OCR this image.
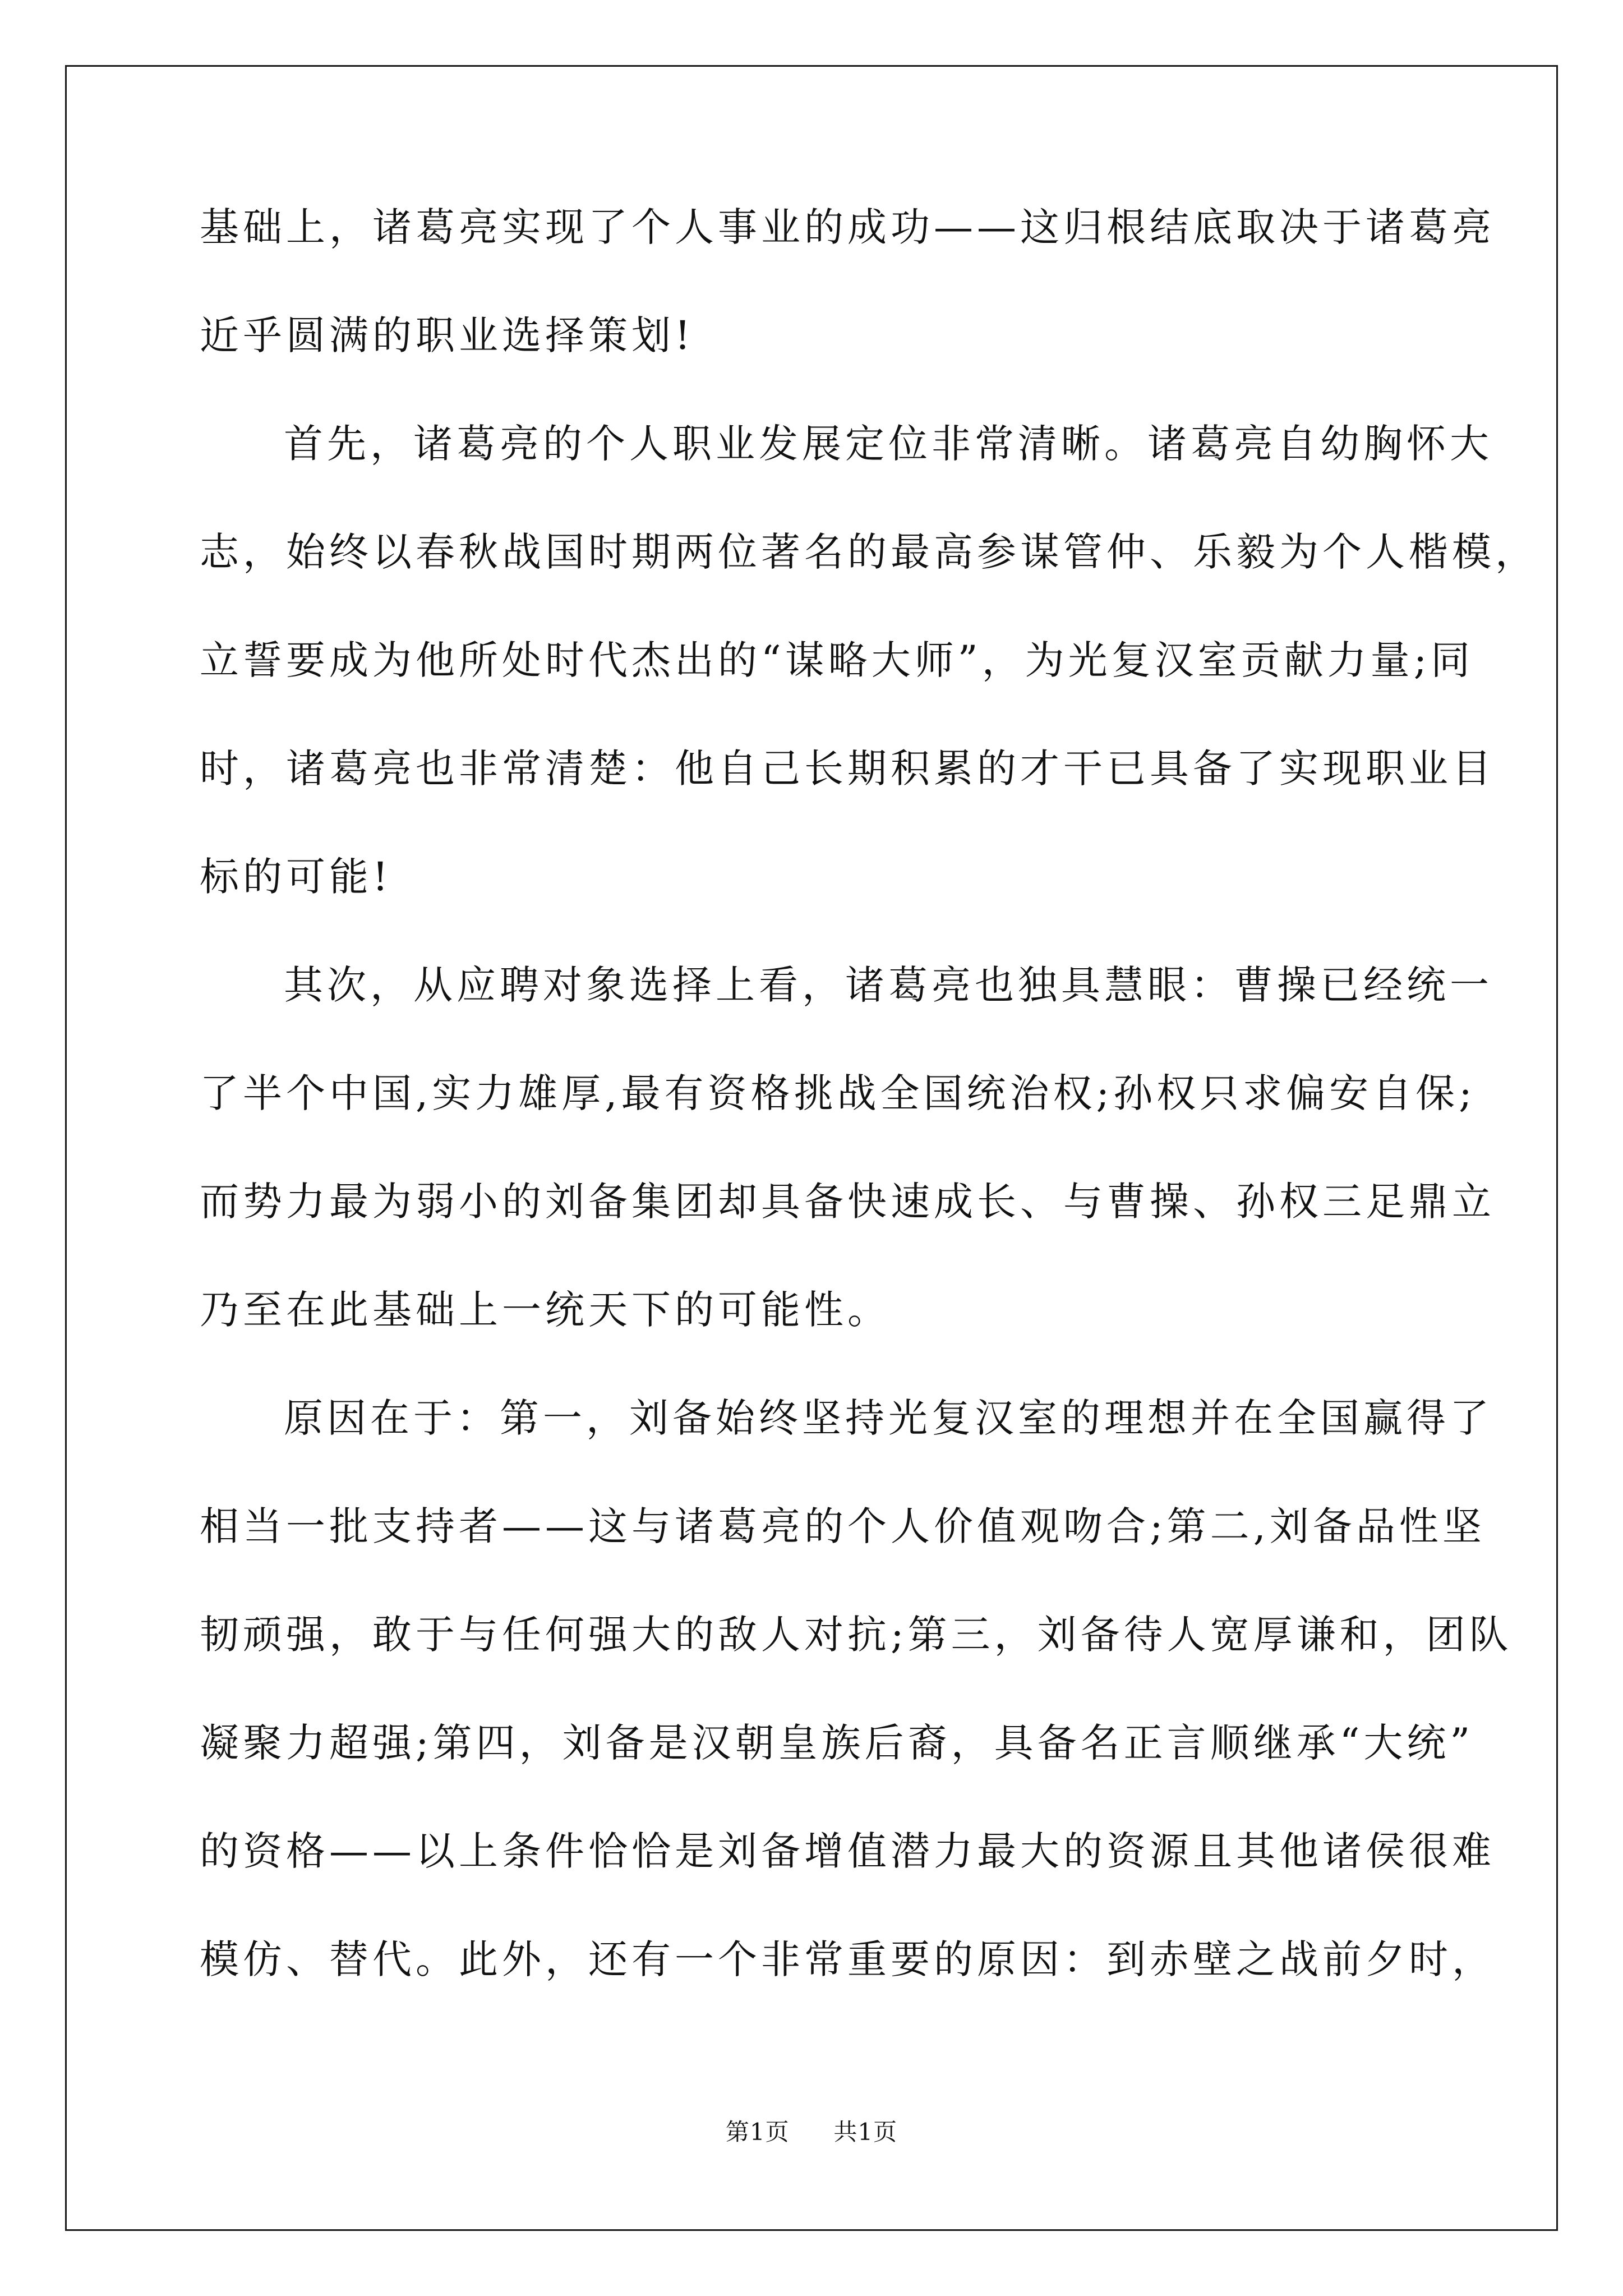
基础上，诸葛亮实现了个人事业的成功——这归根结底取决于诸葛亮
近乎圆满的职业选择策划!
首先，诸葛亮的个人职业发展定位非常清晰。诸葛亮自幼胸怀大
志，始终以春秋战国时期两位著名的最高参谋管仲、乐毅为个人楷模，
立誓要成为他所处时代杰出的“谋略大师”，为光复汉室贡献力量;同
时，诸葛亮也非常清楚：他自己长期积累的才干已具备了实现职业目
标的可能!
其次，从应聘对象选择上看，诸葛亮也独具慧眼：曹操已经统一
了半个中国,实力雄厚,最有资格挑战全国统治权;孙权只求偏安自保;
而势力最为弱小的刘备集团却具备快速成长、与曹操、孙权三足鼎立
乃至在此基础上一统天下的可能性。
原因在于：第一，刘备始终坚持光复汉室的理想并在全国赢得了
相当一批支持者——这与诸葛亮的个人价值观吻合;第二,刘备品性坚
韧顽强，敢于与任何强大的敌人对抗;第三，刘备待人宽厚谦和，团队
凝聚力超强;第四，刘备是汉朝皇族后裔，具备名正言顺继承“大统”
的资格——以上条件恰恰是刘备增值潜力最大的资源且其他诸侯很难
模仿、替代。此外，还有一个非常重要的原因：到赤壁之战前夕时，
第1页 共1页
